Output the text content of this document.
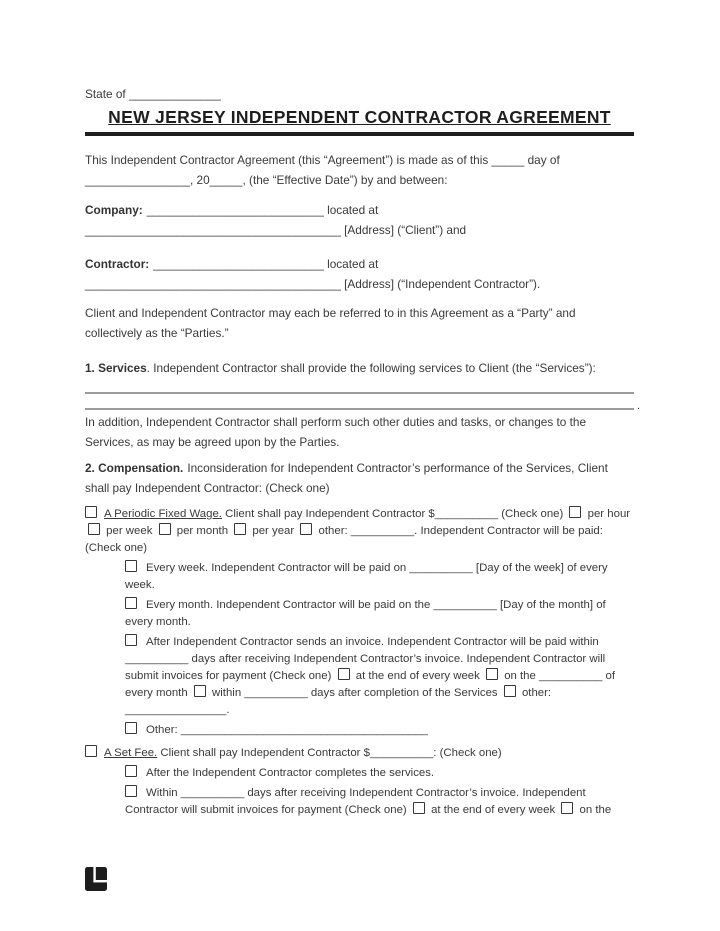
State of ______________

NEW JERSEY INDEPENDENT CONTRACTOR AGREEMENT

This Independent Contractor Agreement (this “Agreement”) is made as of this _____ day of ________________, 20_____, (the “Effective Date”) by and between:

Company: ___________________________ located at
_______________________________________ [Address] (“Client”) and

Contractor: __________________________ located at
_______________________________________ [Address] (“Independent Contractor”).

Client and Independent Contractor may each be referred to in this Agreement as a “Party” and collectively as the “Parties.”

1. Services. Independent Contractor shall provide the following services to Client (the “Services”):

.

In addition, Independent Contractor shall perform such other duties and tasks, or changes to the Services, as may be agreed upon by the Parties.

2. Compensation. Inconsideration for Independent Contractor’s performance of the Services, Client shall pay Independent Contractor: (Check one)

A Periodic Fixed Wage. Client shall pay Independent Contractor $__________ (Check one) per hour  per week per month per year other: __________. Independent Contractor will be paid: (Check one)

Every week. Independent Contractor will be paid on __________ [Day of the week] of every week.

Every month. Independent Contractor will be paid on the __________ [Day of the month] of every month.

After Independent Contractor sends an invoice. Independent Contractor will be paid within __________ days after receiving Independent Contractor’s invoice. Independent Contractor will submit invoices for payment (Check one) at the end of every week on the __________ of every month within __________ days after completion of the Services other:
________________.

Other: _______________________________________

A Set Fee. Client shall pay Independent Contractor $__________: (Check one)

After the Independent Contractor completes the services.

Within __________ days after receiving Independent Contractor’s invoice. Independent Contractor will submit invoices for payment (Check one) at the end of every week on the
